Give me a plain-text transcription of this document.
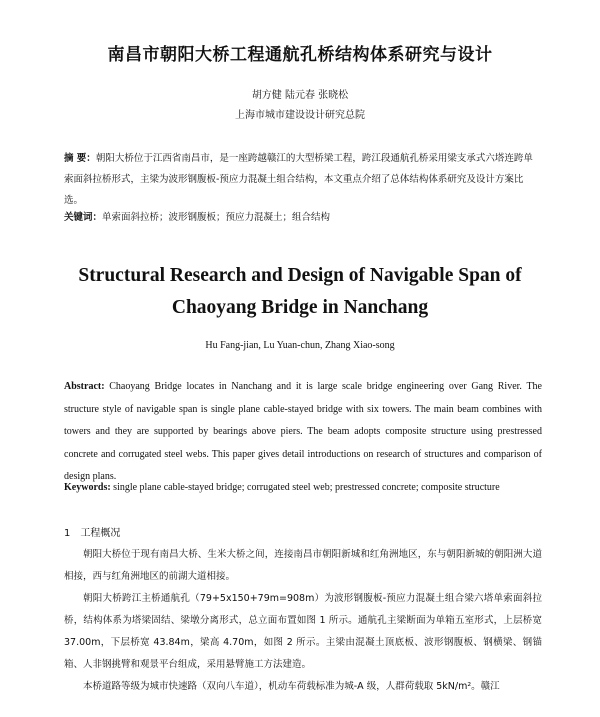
南昌市朝阳大桥工程通航孔桥结构体系研究与设计
胡方健 陆元春 张晓松
上海市城市建设设计研究总院
摘 要：朝阳大桥位于江西省南昌市，是一座跨越赣江的大型桥梁工程，跨江段通航孔桥采用梁支承式六塔连跨单索面斜拉桥形式，主梁为波形钢腹板-预应力混凝土组合结构，本文重点介绍了总体结构体系研究及设计方案比选。
关键词：单索面斜拉桥；波形钢腹板；预应力混凝土；组合结构
Structural Research and Design of Navigable Span of
Chaoyang Bridge in Nanchang
Hu Fang-jian, Lu Yuan-chun, Zhang Xiao-song
Abstract: Chaoyang Bridge locates in Nanchang and it is large scale bridge engineering over Gang River. The structure style of navigable span is single plane cable-stayed bridge with six towers. The main beam combines with towers and they are supported by bearings above piers. The beam adopts composite structure using prestressed concrete and corrugated steel webs. This paper gives detail introductions on research of structures and comparison of design plans.
Keywords: single plane cable-stayed bridge; corrugated steel web; prestressed concrete; composite structure
1 工程概况

朝阳大桥位于现有南昌大桥、生米大桥之间，连接南昌市朝阳新城和红角洲地区，东与朝阳新城的朝阳洲大道相接，西与红角洲地区的前湖大道相接。

朝阳大桥跨江主桥通航孔（79+5x150+79m=908m）为波形钢腹板-预应力混凝土组合梁六塔单索面斜拉桥，结构体系为塔梁固结、梁墩分离形式，总立面布置如图 1 所示。通航孔主梁断面为单箱五室形式，上层桥宽 37.00m，下层桥宽 43.84m，梁高 4.70m，如图 2 所示。主梁由混凝土顶底板、波形钢腹板、钢横梁、钢锚箱、人非钢挑臂和观景平台组成，采用悬臂施工方法建造。

本桥道路等级为城市快速路（双向八车道），机动车荷载标准为城-A 级，人群荷载取 5kN/m²。赣江
